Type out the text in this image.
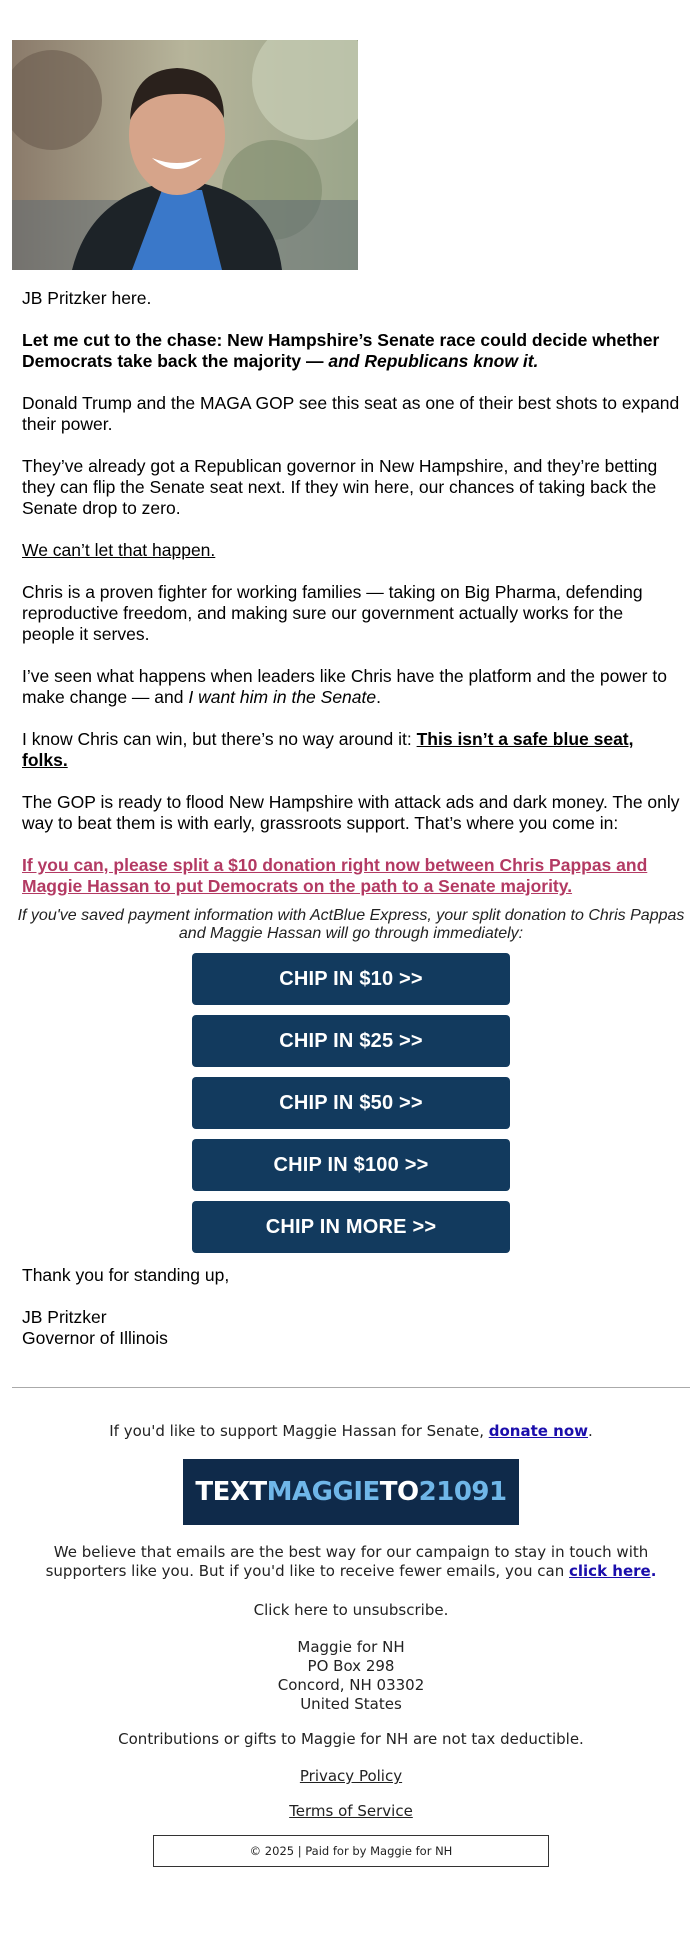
JB Pritzker here.

Let me cut to the chase: New Hampshire’s Senate race could decide whether Democrats take back the majority — and Republicans know it.

Donald Trump and the MAGA GOP see this seat as one of their best shots to expand their power.

They’ve already got a Republican governor in New Hampshire, and they’re betting they can flip the Senate seat next. If they win here, our chances of taking back the Senate drop to zero.

We can’t let that happen.

Chris is a proven fighter for working families — taking on Big Pharma, defending reproductive freedom, and making sure our government actually works for the people it serves.

I’ve seen what happens when leaders like Chris have the platform and the power to make change — and I want him in the Senate.

I know Chris can win, but there’s no way around it: This isn’t a safe blue seat, folks.

The GOP is ready to flood New Hampshire with attack ads and dark money. The only way to beat them is with early, grassroots support. That’s where you come in:

If you can, please split a $10 donation right now between Chris Pappas and Maggie Hassan to put Democrats on the path to a Senate majority.
If you've saved payment information with ActBlue Express, your split donation to Chris Pappas and Maggie Hassan will go through immediately:
CHIP IN $10 >>
CHIP IN $25 >>
CHIP IN $50 >>
CHIP IN $100 >>
CHIP IN MORE >>

Thank you for standing up,

JB Pritzker
Governor of Illinois

If you'd like to support Maggie Hassan for Senate, donate now.

TEXT MAGGIE TO 21091

We believe that emails are the best way for our campaign to stay in touch with supporters like you. But if you'd like to receive fewer emails, you can click here.

Click here to unsubscribe.

Maggie for NH
PO Box 298
Concord, NH 03302
United States

Contributions or gifts to Maggie for NH are not tax deductible.

Privacy Policy

Terms of Service

© 2025 | Paid for by Maggie for NH
